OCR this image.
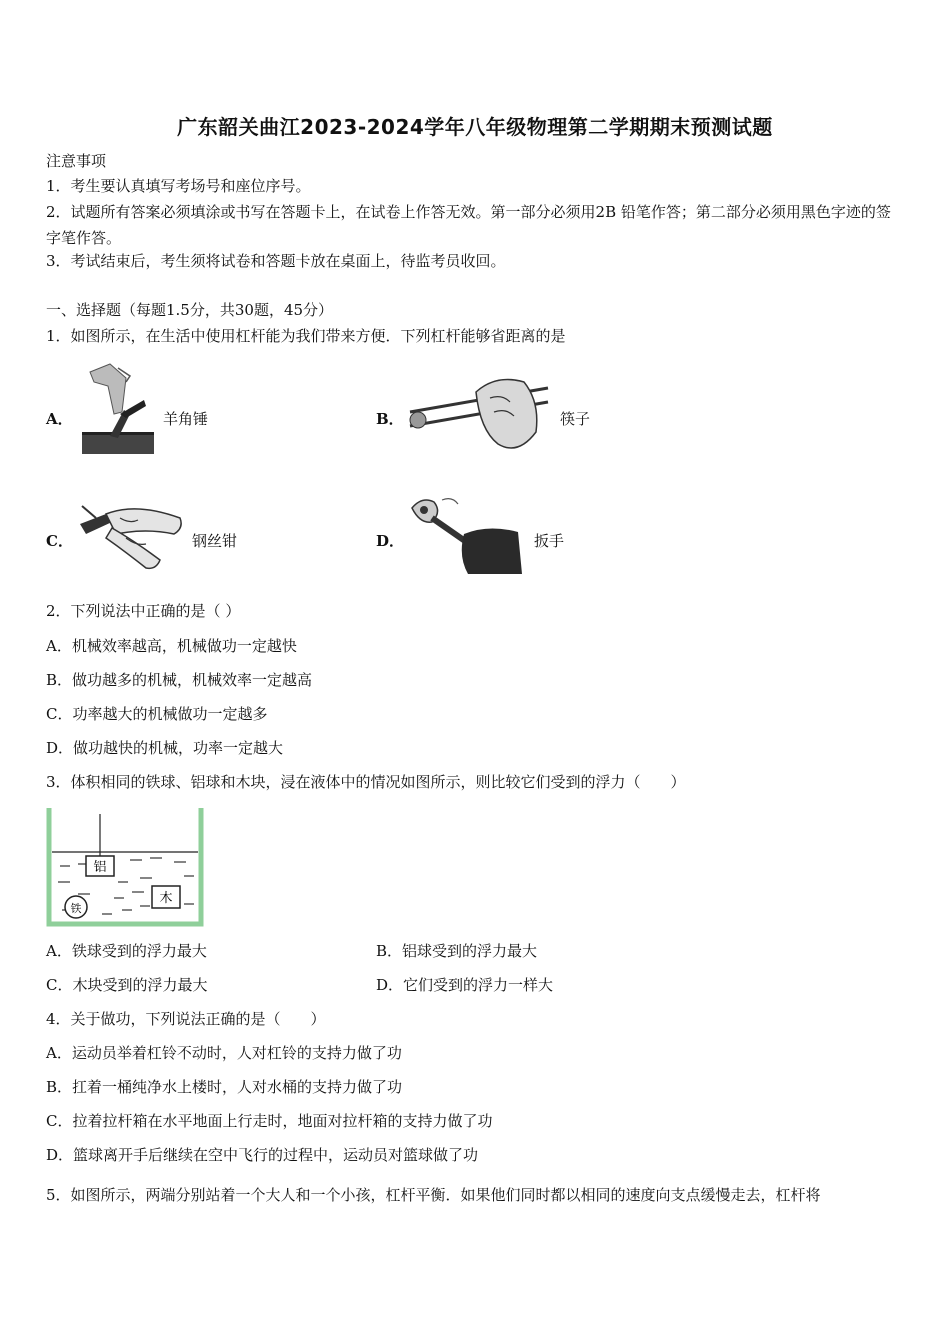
广东韶关曲江2023-2024学年八年级物理第二学期期末预测试题
注意事项
1．考生要认真填写考场号和座位序号。
2．试题所有答案必须填涂或书写在答题卡上，在试卷上作答无效。第一部分必须用2B 铅笔作答；第二部分必须用黑色字迹的签字笔作答。
3．考试结束后，考生须将试卷和答题卡放在桌面上，待监考员收回。
一、选择题（每题1.5分，共30题，45分）
1．如图所示，在生活中使用杠杆能为我们带来方便．下列杠杆能够省距离的是
A．	羊角锤	B．	筷子
C．	钢丝钳	D．	扳手
2．下列说法中正确的是（ ）
A．机械效率越高，机械做功一定越快
B．做功越多的机械，机械效率一定越高
C．功率越大的机械做功一定越多
D．做功越快的机械，功率一定越大
3．体积相同的铁球、铝球和木块，浸在液体中的情况如图所示，则比较它们受到的浮力（　　）
铝
木
铁
A．铁球受到的浮力最大	B．铝球受到的浮力最大
C．木块受到的浮力最大	D．它们受到的浮力一样大
4．关于做功，下列说法正确的是（　　）
A．运动员举着杠铃不动时，人对杠铃的支持力做了功
B．扛着一桶纯净水上楼时，人对水桶的支持力做了功
C．拉着拉杆箱在水平地面上行走时，地面对拉杆箱的支持力做了功
D．篮球离开手后继续在空中飞行的过程中，运动员对篮球做了功
5．如图所示，两端分别站着一个大人和一个小孩，杠杆平衡．如果他们同时都以相同的速度向支点缓慢走去，杠杆将
